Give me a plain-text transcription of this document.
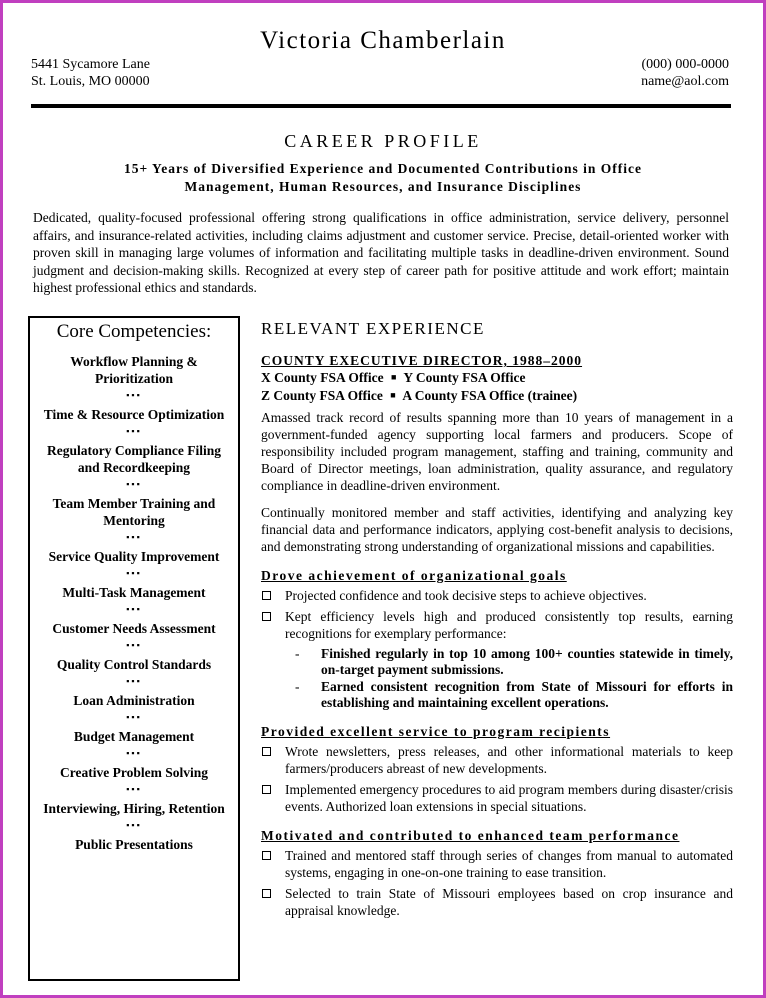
Victoria Chamberlain
5441 Sycamore Lane
St. Louis, MO 00000
(000) 000-0000
name@aol.com
CAREER PROFILE
15+ Years of Diversified Experience and Documented Contributions in Office
Management, Human Resources, and Insurance Disciplines
Dedicated, quality-focused professional offering strong qualifications in office administration, service delivery, personnel affairs, and insurance-related activities, including claims adjustment and customer service. Precise, detail-oriented worker with proven skill in managing large volumes of information and facilitating multiple tasks in deadline-driven environment. Sound judgment and decision-making skills. Recognized at every step of career path for positive attitude and work effort; maintain highest professional ethics and standards.
Core Competencies:
Workflow Planning & Prioritization
▪▪▪
Time & Resource Optimization
▪▪▪
Regulatory Compliance Filing and Recordkeeping
▪▪▪
Team Member Training and Mentoring
▪▪▪
Service Quality Improvement
▪▪▪
Multi-Task Management
▪▪▪
Customer Needs Assessment
▪▪▪
Quality Control Standards
▪▪▪
Loan Administration
▪▪▪
Budget Management
▪▪▪
Creative Problem Solving
▪▪▪
Interviewing, Hiring, Retention
▪▪▪
Public Presentations
RELEVANT EXPERIENCE
COUNTY EXECUTIVE DIRECTOR, 1988–2000
X County FSA Office ■ Y County FSA Office
Z County FSA Office ■ A County FSA Office (trainee)
Amassed track record of results spanning more than 10 years of management in a government-funded agency supporting local farmers and producers. Scope of responsibility included program management, staffing and training, community and Board of Director meetings, loan administration, quality assurance, and regulatory compliance in deadline-driven environment.
Continually monitored member and staff activities, identifying and analyzing key financial data and performance indicators, applying cost-benefit analysis to decisions, and demonstrating strong understanding of organizational missions and capabilities.
Drove achievement of organizational goals
Projected confidence and took decisive steps to achieve objectives.
Kept efficiency levels high and produced consistently top results, earning recognitions for exemplary performance:
- Finished regularly in top 10 among 100+ counties statewide in timely, on-target payment submissions.
- Earned consistent recognition from State of Missouri for efforts in establishing and maintaining excellent operations.
Provided excellent service to program recipients
Wrote newsletters, press releases, and other informational materials to keep farmers/producers abreast of new developments.
Implemented emergency procedures to aid program members during disaster/crisis events. Authorized loan extensions in special situations.
Motivated and contributed to enhanced team performance
Trained and mentored staff through series of changes from manual to automated systems, engaging in one-on-one training to ease transition.
Selected to train State of Missouri employees based on crop insurance and appraisal knowledge.
